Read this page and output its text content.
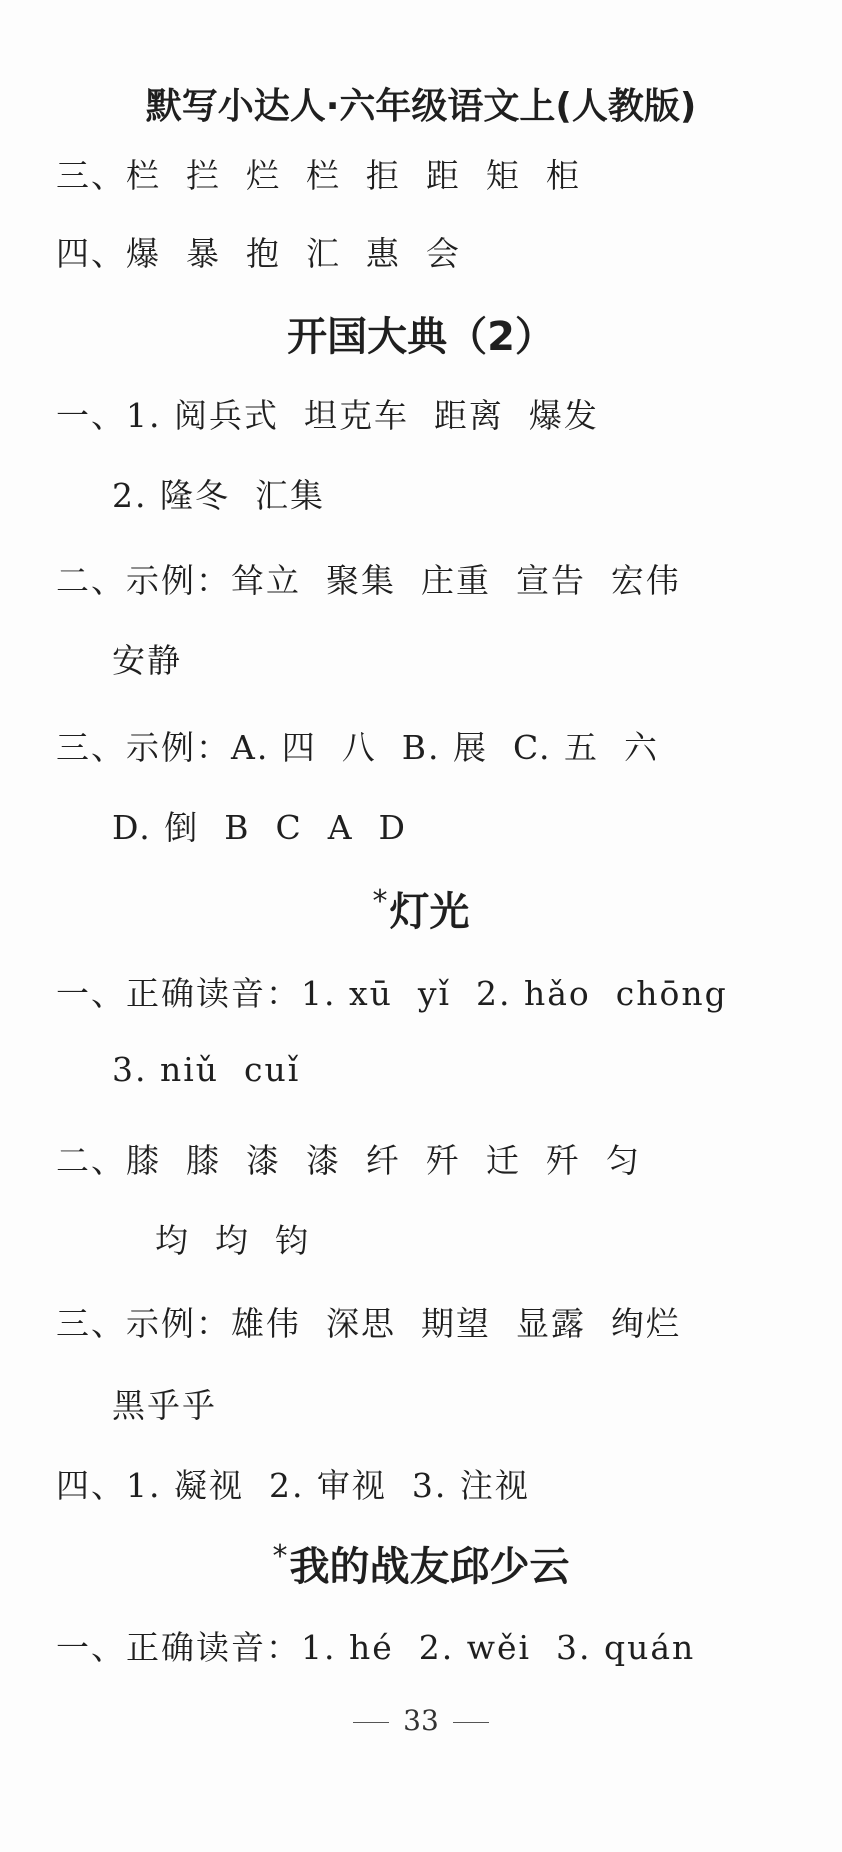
默写小达人·六年级语文上(人教版)
三、栏  拦  烂  栏  拒  距  矩  柜
四、爆  暴  抱  汇  惠  会
开国大典（2）
一、1. 阅兵式  坦克车  距离  爆发
2. 隆冬  汇集
二、示例：耸立  聚集  庄重  宣告  宏伟
安静
三、示例：A. 四  八  B. 展  C. 五  六
D. 倒  B  C  A  D
*灯光
一、正确读音：1. xū  yǐ  2. hǎo  chōng
3. niǔ  cuǐ
二、膝  膝  漆  漆  纤  歼  迁  歼  匀
均  均  钧
三、示例：雄伟  深思  期望  显露  绚烂
黑乎乎
四、1. 凝视  2. 审视  3. 注视
*我的战友邱少云
一、正确读音：1. hé  2. wěi  3. quán
33
